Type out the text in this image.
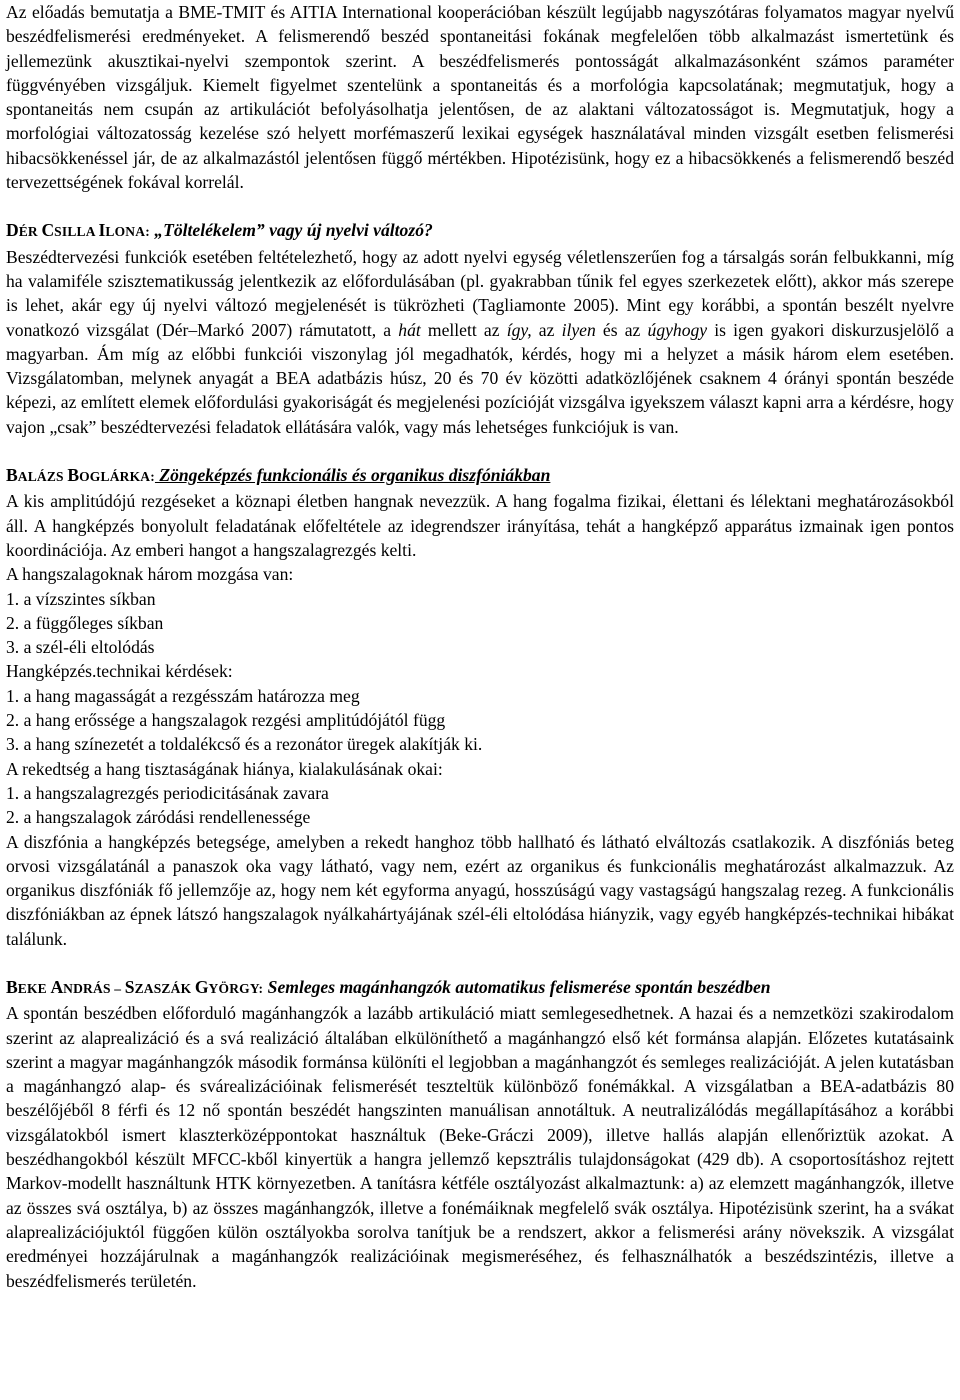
Az előadás bemutatja a BME-TMIT és AITIA International kooperációban készült legújabb nagyszótáras folyamatos magyar nyelvű beszédfelismerési eredményeket. A felismerendő beszéd spontaneitási fokának megfelelően több alkalmazást ismertetünk és jellemezünk akusztikai-nyelvi szempontok szerint. A beszédfelismerés pontosságát alkalmazásonként számos paraméter függvényében vizsgáljuk. Kiemelt figyelmet szentelünk a spontaneitás és a morfológia kapcsolatának; megmutatjuk, hogy a spontaneitás nem csupán az artikulációt befolyásolhatja jelentősen, de az alaktani változatosságot is. Megmutatjuk, hogy a morfológiai változatosság kezelése szó helyett morfémaszerű lexikai egységek használatával minden vizsgált esetben felismerési hibacsökkenéssel jár, de az alkalmazástól jelentősen függő mértékben. Hipotézisünk, hogy ez a hibacsökkenés a felismerendő beszéd tervezettségének fokával korrelál.

DÉR CSILLA ILONA: „Töltelékelem” vagy új nyelvi változó?

Beszédtervezési funkciók esetében feltételezhető, hogy az adott nyelvi egység véletlenszerűen fog a társalgás során felbukkanni, míg ha valamiféle szisztematikusság jelentkezik az előfordulásában (pl. gyakrabban tűnik fel egyes szerkezetek előtt), akkor más szerepe is lehet, akár egy új nyelvi változó megjelenését is tükrözheti (Tagliamonte 2005). Mint egy korábbi, a spontán beszélt nyelvre vonatkozó vizsgálat (Dér–Markó 2007) rámutatott, a hát mellett az így, az ilyen és az úgyhogy is igen gyakori diskurzusjelölő a magyarban. Ám míg az előbbi funkciói viszonylag jól megadhatók, kérdés, hogy mi a helyzet a másik három elem esetében. Vizsgálatomban, melynek anyagát a BEA adatbázis húsz, 20 és 70 év közötti adatközlőjének csaknem 4 órányi spontán beszéde képezi, az említett elemek előfordulási gyakoriságát és megjelenési pozícióját vizsgálva igyekszem választ kapni arra a kérdésre, hogy vajon „csak” beszédtervezési feladatok ellátására valók, vagy más lehetséges funkciójuk is van.

BALÁZS BOGLÁRKA: Zöngeképzés funkcionális és organikus diszfóniákban

A kis amplitúdójú rezgéseket a köznapi életben hangnak nevezzük. A hang fogalma fizikai, élettani és lélektani meghatározásokból áll. A hangképzés bonyolult feladatának előfeltétele az idegrendszer irányítása, tehát a hangképző apparátus izmainak igen pontos koordinációja. Az emberi hangot a hangszalagrezgés kelti.

A hangszalagoknak három mozgása van:

1. a vízszintes síkban

2. a függőleges síkban

3. a szél-éli eltolódás

Hangképzés.technikai kérdések:

1. a hang magasságát a rezgésszám határozza meg

2. a hang erőssége a hangszalagok rezgési amplitúdójától függ

3. a hang színezetét a toldalékcső és a rezonátor üregek alakítják ki.

A rekedtség a hang tisztaságának hiánya, kialakulásának okai:

1. a hangszalagrezgés periodicitásának zavara

2. a hangszalagok záródási rendellenessége

A diszfónia a hangképzés betegsége, amelyben a rekedt hanghoz több hallható és látható elváltozás csatlakozik. A diszfóniás beteg orvosi vizsgálatánál a panaszok oka vagy látható, vagy nem, ezért az organikus és funkcionális meghatározást alkalmazzuk. Az organikus diszfóniák fő jellemzője az, hogy nem két egyforma anyagú, hosszúságú vagy vastagságú hangszalag rezeg. A funkcionális diszfóniákban az épnek látszó hangszalagok nyálkahártyájának szél-éli eltolódása hiányzik, vagy egyéb hangképzés-technikai hibákat találunk.

BEKE ANDRÁS – SZASZÁK GYÖRGY: Semleges magánhangzók automatikus felismerése spontán beszédben

A spontán beszédben előforduló magánhangzók a lazább artikuláció miatt semlegesedhetnek. A hazai és a nemzetközi szakirodalom szerint az alaprealizáció és a svá realizáció általában elkülöníthető a magánhangzó első két formánsa alapján. Előzetes kutatásaink szerint a magyar magánhangzók második formánsa különíti el legjobban a magánhangzót és semleges realizációját. A jelen kutatásban a magánhangzó alap- és svárealizációinak felismerését teszteltük különböző fonémákkal. A vizsgálatban a BEA-adatbázis 80 beszélőjéből 8 férfi és 12 nő spontán beszédét hangszinten manuálisan annotáltuk. A neutralizálódás megállapításához a korábbi vizsgálatokból ismert klaszterközéppontokat használtuk (Beke-Gráczi 2009), illetve hallás alapján ellenőriztük azokat. A beszédhangokból készült MFCC-kből kinyertük a hangra jellemző kepsztrális tulajdonságokat (429 db). A csoportosításhoz rejtett Markov-modellt használtunk HTK környezetben. A tanításra kétféle osztályozást alkalmaztunk: a) az elemzett magánhangzók, illetve az összes svá osztálya, b) az összes magánhangzók, illetve a fonémáiknak megfelelő svák osztálya. Hipotézisünk szerint, ha a svákat alaprealizációjuktól függően külön osztályokba sorolva tanítjuk be a rendszert, akkor a felismerési arány növekszik. A vizsgálat eredményei hozzájárulnak a magánhangzók realizációinak megismeréséhez, és felhasználhatók a beszédszintézis, illetve a beszédfelismerés területén.
